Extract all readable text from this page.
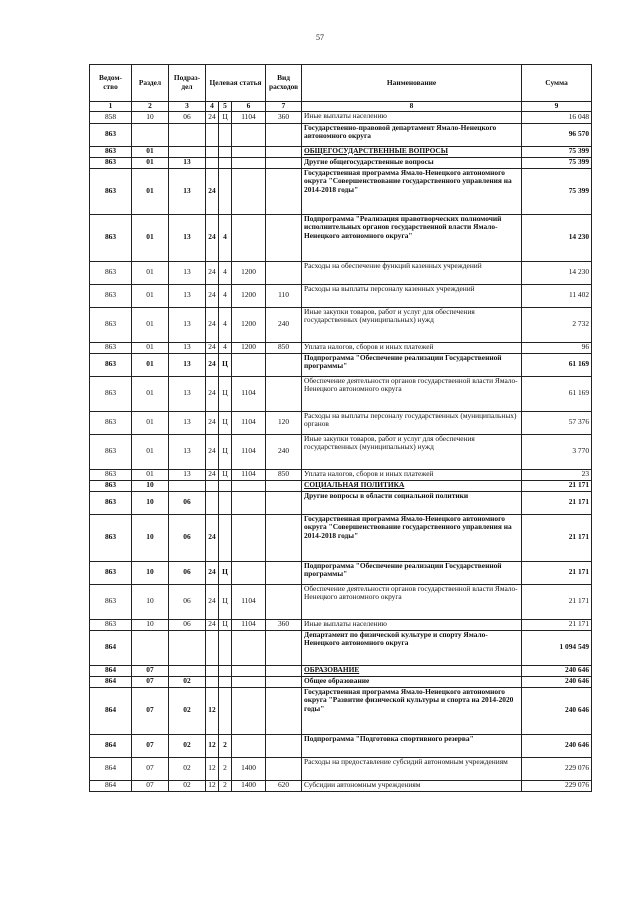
57
Ведом-ство	Раздел	Подраз-дел	Целевая статья			Вид расходов	Наименование	Сумма
1	2	3	4	5	6	7	8	9
858	10	06	24	Ц	1104	360	Иные выплаты населению	16 048
863							Государственно-правовой департамент Ямало-Ненецкого автономного округа	96 570
863	01						ОБЩЕГОСУДАРСТВЕННЫЕ ВОПРОСЫ	75 399
863	01	13					Другие общегосударственные вопросы	75 399
863	01	13	24				Государственная программа Ямало-Ненецкого автономного округа "Совершенствование государственного управления на 2014-2018 годы"	75 399
863	01	13	24	4			Подпрограмма "Реализация правотворческих полномочий исполнительных органов государственной власти Ямало-Ненецкого автономного округа"	14 230
863	01	13	24	4	1200		Расходы на обеспечение функций казенных учреждений	14 230
863	01	13	24	4	1200	110	Расходы на выплаты персоналу казенных учреждений	11 402
863	01	13	24	4	1200	240	Иные закупки товаров, работ и услуг для обеспечения государственных (муниципальных) нужд	2 732
863	01	13	24	4	1200	850	Уплата налогов, сборов и иных платежей	96
863	01	13	24	Ц			Подпрограмма "Обеспечение реализации Государственной программы"	61 169
863	01	13	24	Ц	1104		Обеспечение деятельности органов государственной власти Ямало-Ненецкого автономного округа	61 169
863	01	13	24	Ц	1104	120	Расходы на выплаты персоналу государственных (муниципальных) органов	57 376
863	01	13	24	Ц	1104	240	Иные закупки товаров, работ и услуг для обеспечения государственных (муниципальных) нужд	3 770
863	01	13	24	Ц	1104	850	Уплата налогов, сборов и иных платежей	23
863	10						СОЦИАЛЬНАЯ ПОЛИТИКА	21 171
863	10	06					Другие вопросы в области социальной политики	21 171
863	10	06	24				Государственная программа Ямало-Ненецкого автономного округа "Совершенствование государственного управления на 2014-2018 годы"	21 171
863	10	06	24	Ц			Подпрограмма "Обеспечение реализации Государственной программы"	21 171
863	10	06	24	Ц	1104		Обеспечение деятельности органов государственной власти Ямало-Ненецкого автономного округа	21 171
863	10	06	24	Ц	1104	360	Иные выплаты населению	21 171
864							Департамент по физической культуре и спорту Ямало-Ненецкого автономного округа	1 094 549
864	07						ОБРАЗОВАНИЕ	240 646
864	07	02					Общее образование	240 646
864	07	02	12				Государственная программа Ямало-Ненецкого автономного округа "Развитие физической культуры и спорта на 2014-2020 годы"	240 646
864	07	02	12	2			Подпрограмма "Подготовка спортивного резерва"	240 646
864	07	02	12	2	1400		Расходы на предоставление субсидий автономным учреждениям	229 076
864	07	02	12	2	1400	620	Субсидии автономным учреждениям	229 076
